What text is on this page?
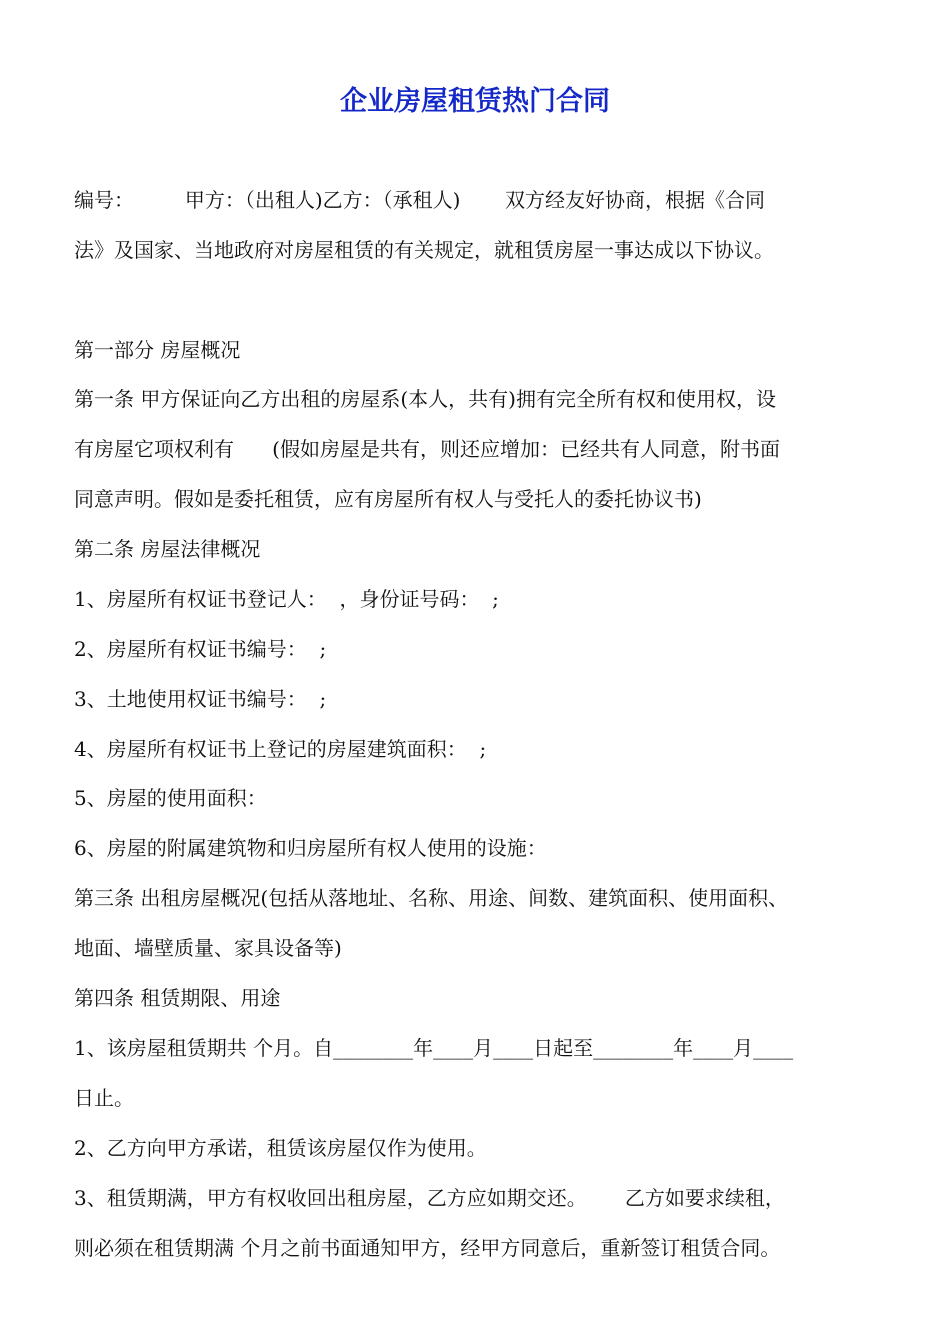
企业房屋租赁热门合同
编号：        甲方：（出租人)乙方：（承租人)       双方经友好协商，根据《合同
法》及国家、当地政府对房屋租赁的有关规定，就租赁房屋一事达成以下协议。
第一部分 房屋概况
第一条 甲方保证向乙方出租的房屋系(本人，共有)拥有完全所有权和使用权，设
有房屋它项权利有      (假如房屋是共有，则还应增加：已经共有人同意，附书面
同意声明。假如是委托租赁，应有房屋所有权人与受托人的委托协议书)
第二条 房屋法律概况
1、房屋所有权证书登记人：  ，身份证号码：  ;
2、房屋所有权证书编号：  ;
3、土地使用权证书编号：  ;
4、房屋所有权证书上登记的房屋建筑面积：  ;
5、房屋的使用面积：
6、房屋的附属建筑物和归房屋所有权人使用的设施：
第三条 出租房屋概况(包括从落地址、名称、用途、间数、建筑面积、使用面积、
地面、墙壁质量、家具设备等)
第四条 租赁期限、用途
1、该房屋租赁期共 个月。自________年____月____日起至________年____月____
日止。
2、乙方向甲方承诺，租赁该房屋仅作为使用。
3、租赁期满，甲方有权收回出租房屋，乙方应如期交还。      乙方如要求续租，
则必须在租赁期满 个月之前书面通知甲方，经甲方同意后，重新签订租赁合同。
